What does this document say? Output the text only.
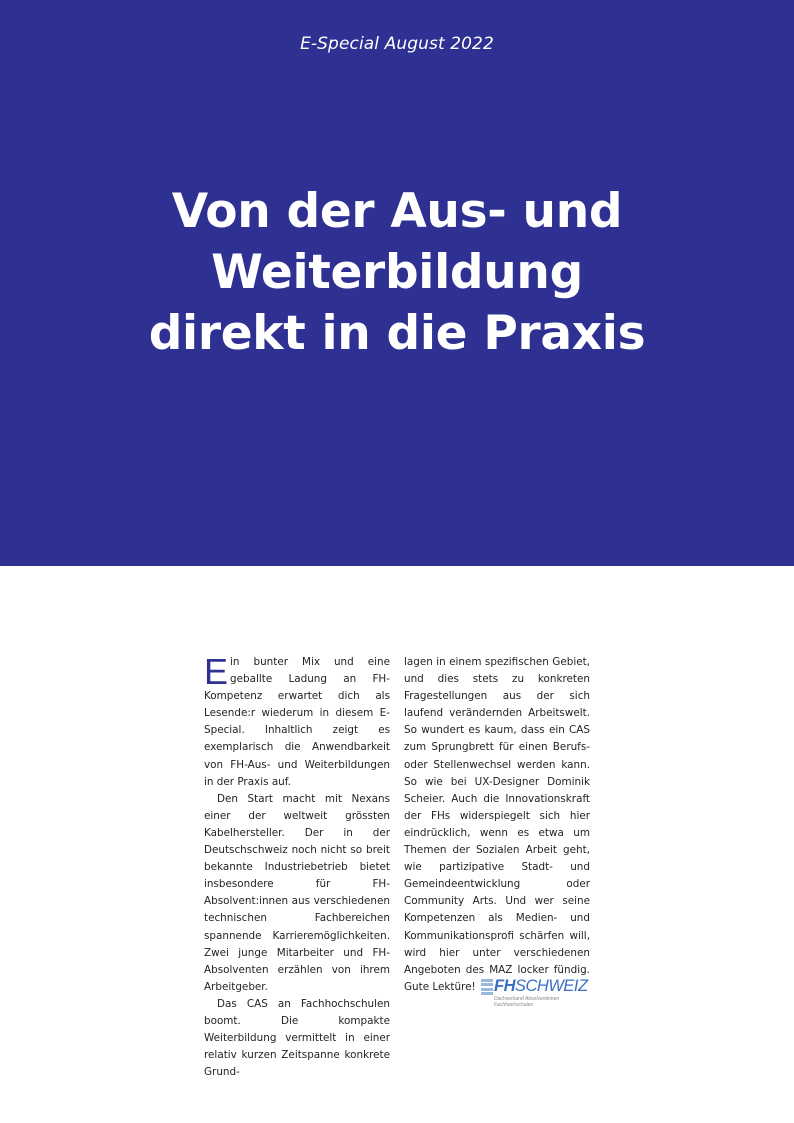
E-Special August 2022
Von der Aus- und
Weiterbildung
direkt in die Praxis

Ein bunter Mix und eine geballte Ladung an FH-Kompetenz erwartet dich als Lesende:r wiederum in diesem E-Special. Inhaltlich zeigt es exemplarisch die Anwendbarkeit von FH-Aus- und Weiterbildungen in der Praxis auf.

Den Start macht mit Nexans einer der weltweit grössten Kabelhersteller. Der in der Deutschschweiz noch nicht so breit bekannte Industriebetrieb bietet insbesondere für FH-Absolvent:innen aus verschiedenen technischen Fachbereichen spannende Karrieremöglichkeiten. Zwei junge Mitarbeiter und FH-Absolventen erzählen von ihrem Arbeitgeber.

Das CAS an Fachhochschulen boomt. Die kompakte Weiterbildung vermittelt in einer relativ kurzen Zeitspanne konkrete Grund-

lagen in einem spezifischen Gebiet, und dies stets zu konkreten Fragestellungen aus der sich laufend verändernden Arbeitswelt. So wundert es kaum, dass ein CAS zum Sprungbrett für einen Berufs- oder Stellenwechsel werden kann. So wie bei UX-Designer Dominik Scheier. Auch die Innovationskraft der FHs widerspiegelt sich hier eindrücklich, wenn es etwa um Themen der Sozialen Arbeit geht, wie partizipative Stadt- und Gemeindeentwicklung oder Community Arts. Und wer seine Kompetenzen als Medien- und Kommunikationsprofi schärfen will, wird hier unter verschiedenen Angeboten des MAZ locker fündig. Gute Lektüre!	FHSCHWEIZ
Dachverband Absolventinnen
Fachhochschulen
